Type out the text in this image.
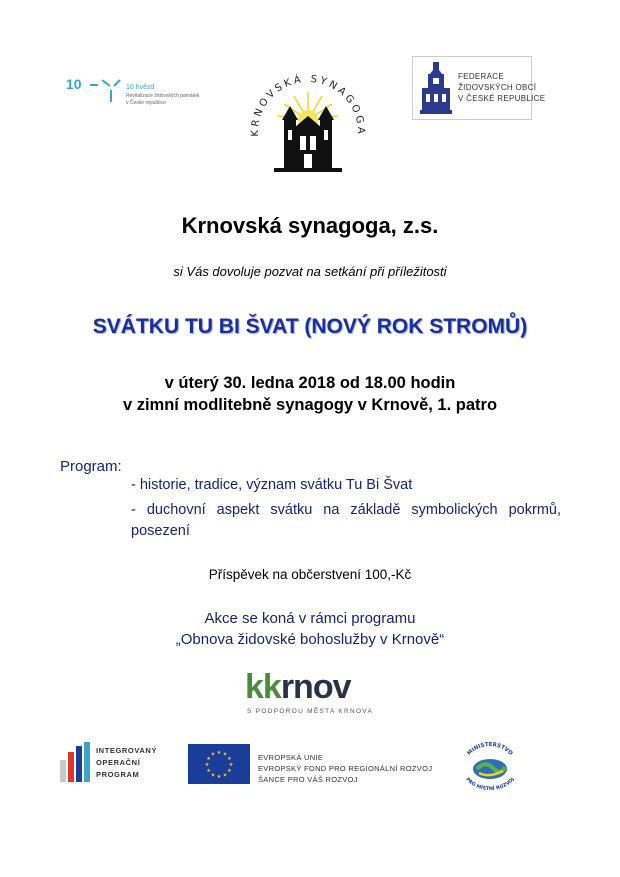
10	10 hvězd
Revitalizace židovských památek
v České republice
KRNOVSKÁ SYNAGOGA
FEDERACE
ŽIDOVSKÝCH OBCÍ
V ČESKÉ REPUBLICE
Krnovská synagoga, z.s.
si Vás dovoluje pozvat na setkání při příležitosti
SVÁTKU TU BI ŠVAT (NOVÝ ROK STROMŮ)
v úterý 30. ledna 2018 od 18.00 hodin
v zimní modlitebně synagogy v Krnově, 1. patro
Program:
- historie, tradice, význam svátku Tu Bi Švat
- duchovní aspekt svátku na základě symbolických pokrmů, posezení
Příspěvek na občerstvení 100,-Kč
Akce se koná v rámci programu
„Obnova židovské bohoslužby v Krnově“
kkrnov
S PODPOROU MĚSTA KRNOVA
INTEGROVANÝ
OPERAČNÍ
PROGRAM
★ ★
★
★
★
★
★
★
★
★
★
★	EVROPSKÁ UNIE
EVROPSKÝ FOND PRO REGIONÁLNÍ ROZVOJ
ŠANCE PRO VÁŠ ROZVOJ
MINISTERSTVO
PRO MÍSTNÍ ROZVOJ
